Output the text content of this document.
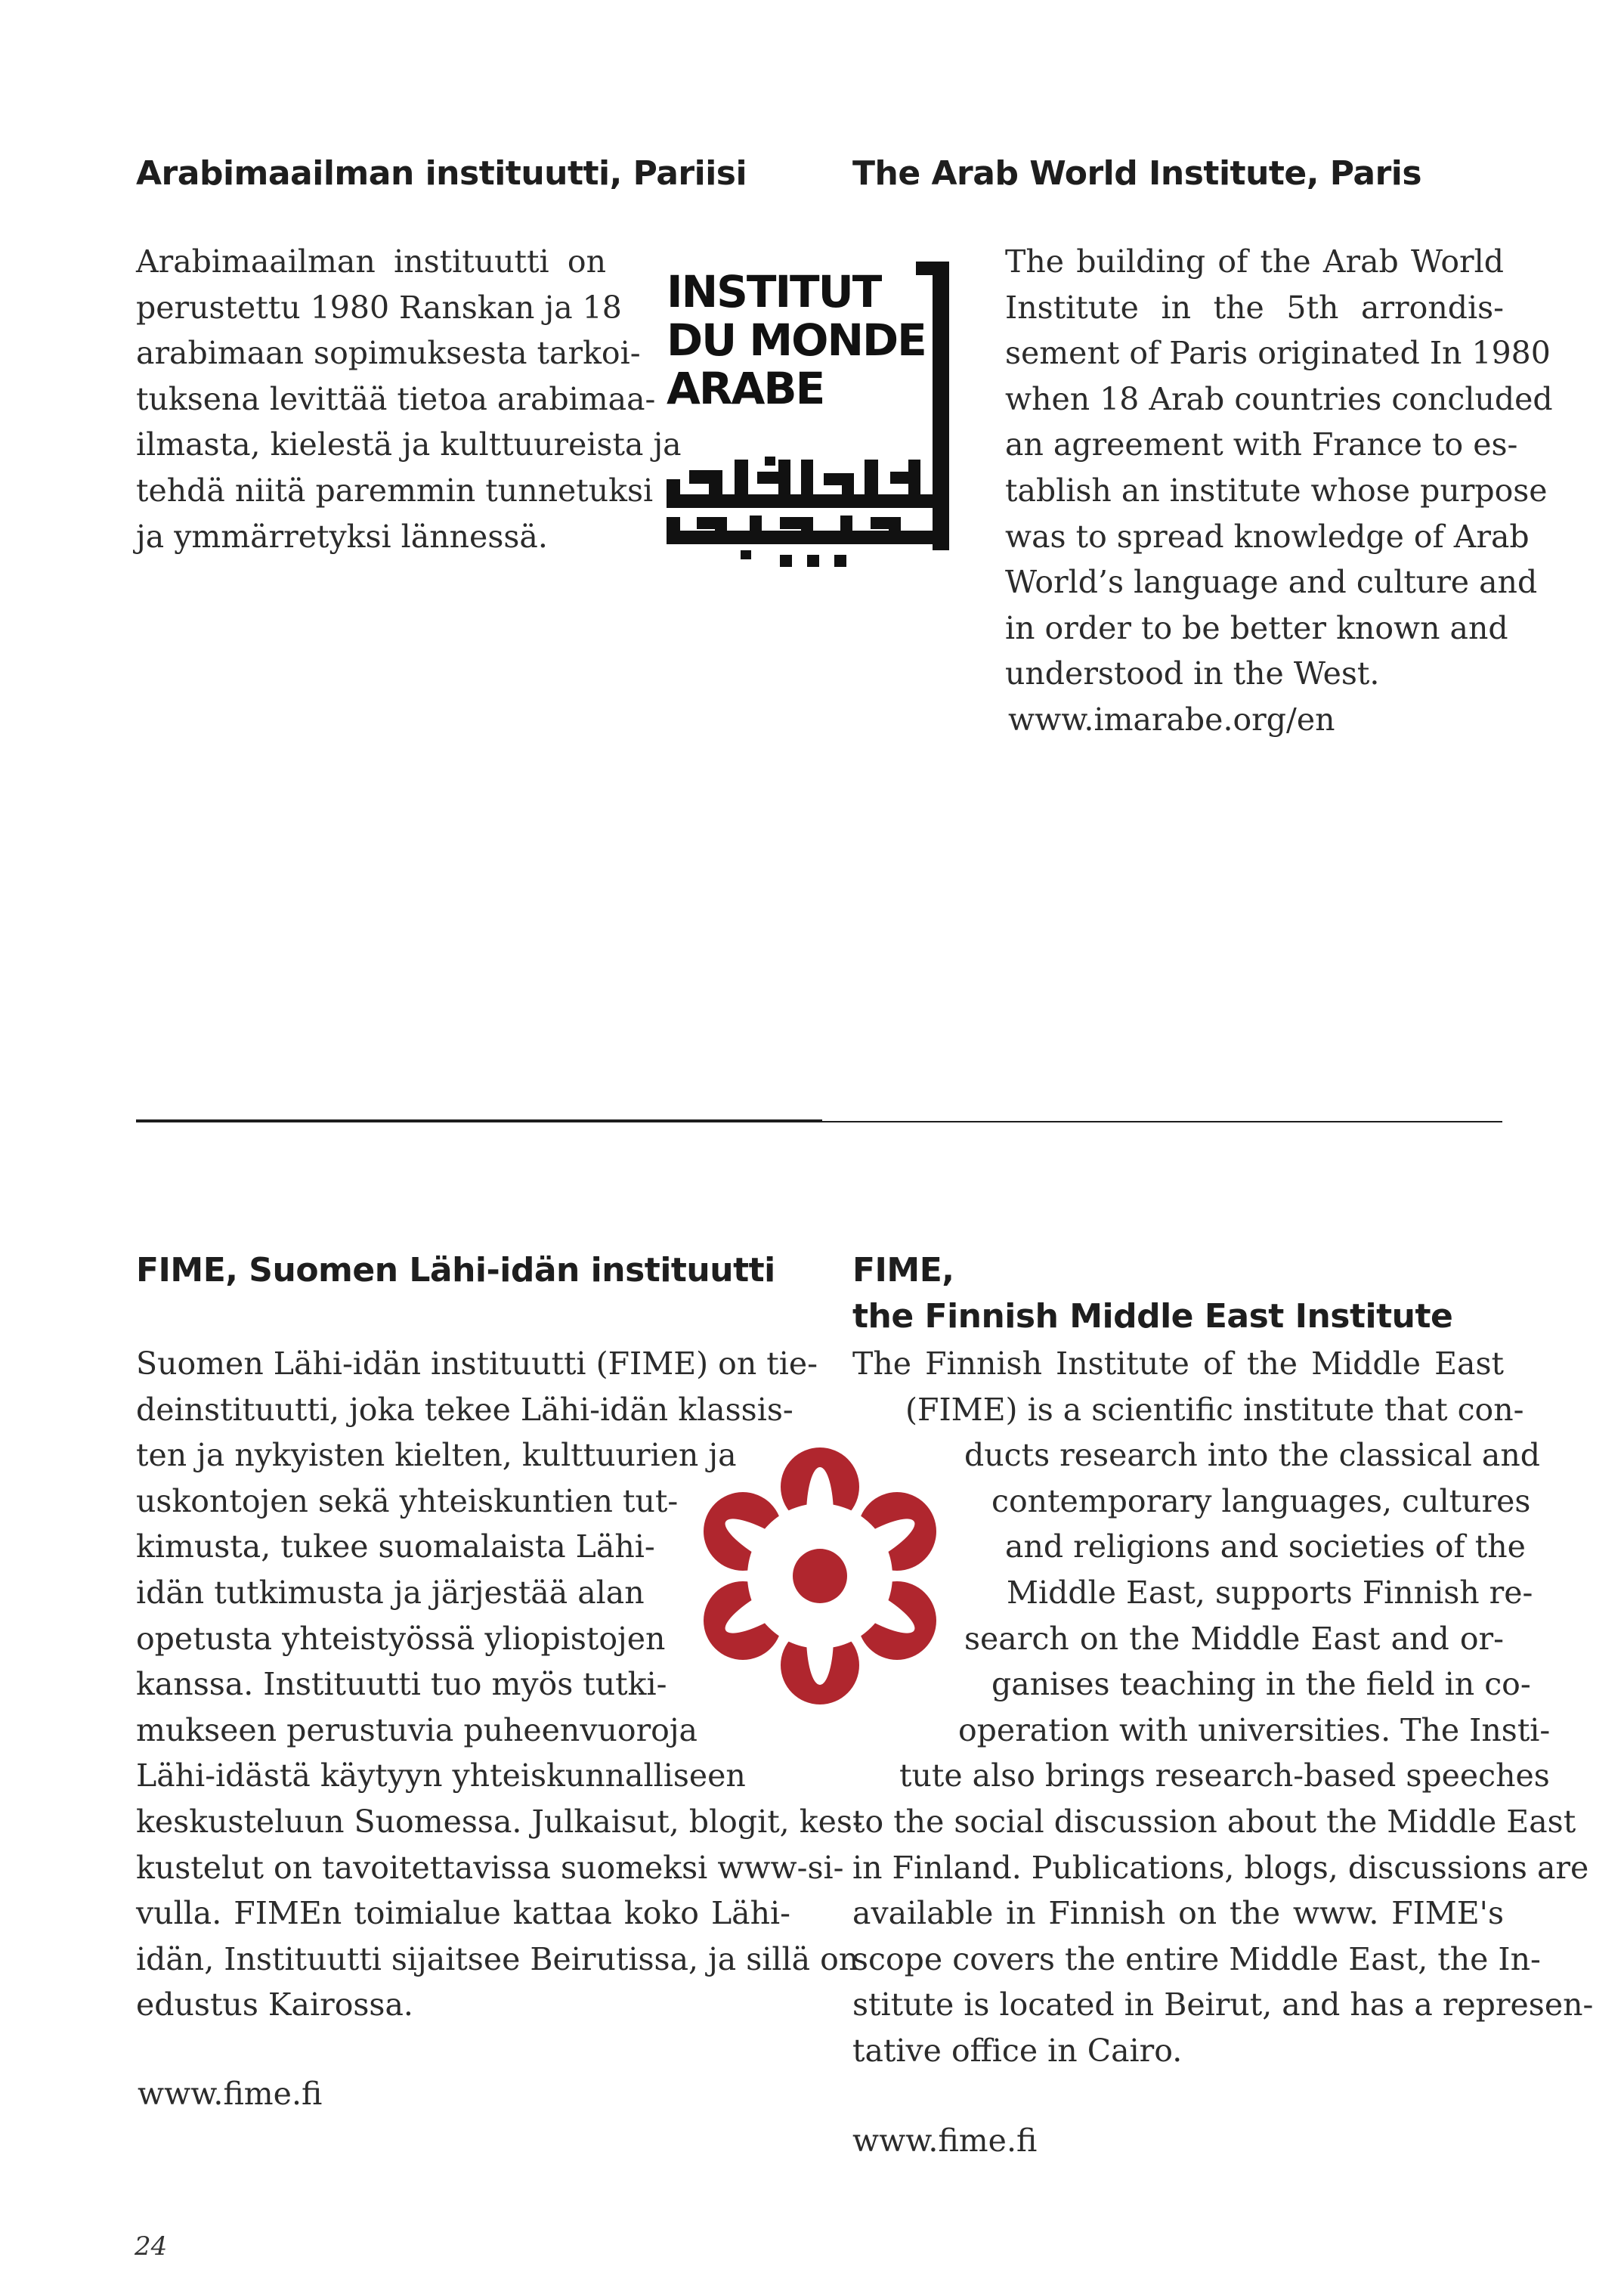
Arabimaailman instituutti, Pariisi	The Arab World Institute, Paris
Arabimaailman instituutti on
perustettu 1980 Ranskan ja 18
arabimaan sopimuksesta tarkoi-
tuksena levittää tietoa arabimaa-
ilmasta, kielestä ja kulttuureista ja
tehdä niitä paremmin tunnetuksi
ja ymmärretyksi lännessä.
INSTITUT
DU MONDE
ARABE
The building of the Arab World
Institute in the 5th arrondis-
sement of Paris originated In 1980
when 18 Arab countries concluded
an agreement with France to es-
tablish an institute whose purpose
was to spread knowledge of Arab
World’s language and culture and
in order to be better known and
understood in the West.

www.imarabe.org/en

FIME, Suomen Lähi-idän instituutti FIME,
the Finnish Middle East Institute
Suomen Lähi-idän instituutti (FIME) on tie-
deinstituutti, joka tekee Lähi-idän klassis-
ten ja nykyisten kielten, kulttuurien ja
uskontojen sekä yhteiskuntien tut-
kimusta, tukee suomalaista Lähi-
idän tutkimusta ja järjestää alan
opetusta yhteistyössä yliopistojen
kanssa. Instituutti tuo myös tutki-
mukseen perustuvia puheenvuoroja
Lähi-idästä käytyyn yhteiskunnalliseen
keskusteluun Suomessa. Julkaisut, blogit, kes-
kustelut on tavoitettavissa suomeksi www-si-
vulla. FIMEn toimialue kattaa koko Lähi-
idän, Instituutti sijaitsee Beirutissa, ja sillä on
edustus Kairossa.

www.fime.fi

The Finnish Institute of the Middle East
(FIME) is a scientific institute that con-
ducts research into the classical and
contemporary languages, cultures
and religions and societies of the
Middle East, supports Finnish re-
search on the Middle East and or-
ganises teaching in the field in co-
operation with universities. The Insti-
tute also brings research-based speeches
to the social discussion about the Middle East
in Finland. Publications, blogs, discussions are
available in Finnish on the www. FIME's
scope covers the entire Middle East, the In-
stitute is located in Beirut, and has a represen-
tative office in Cairo.

www.fime.fi

24
